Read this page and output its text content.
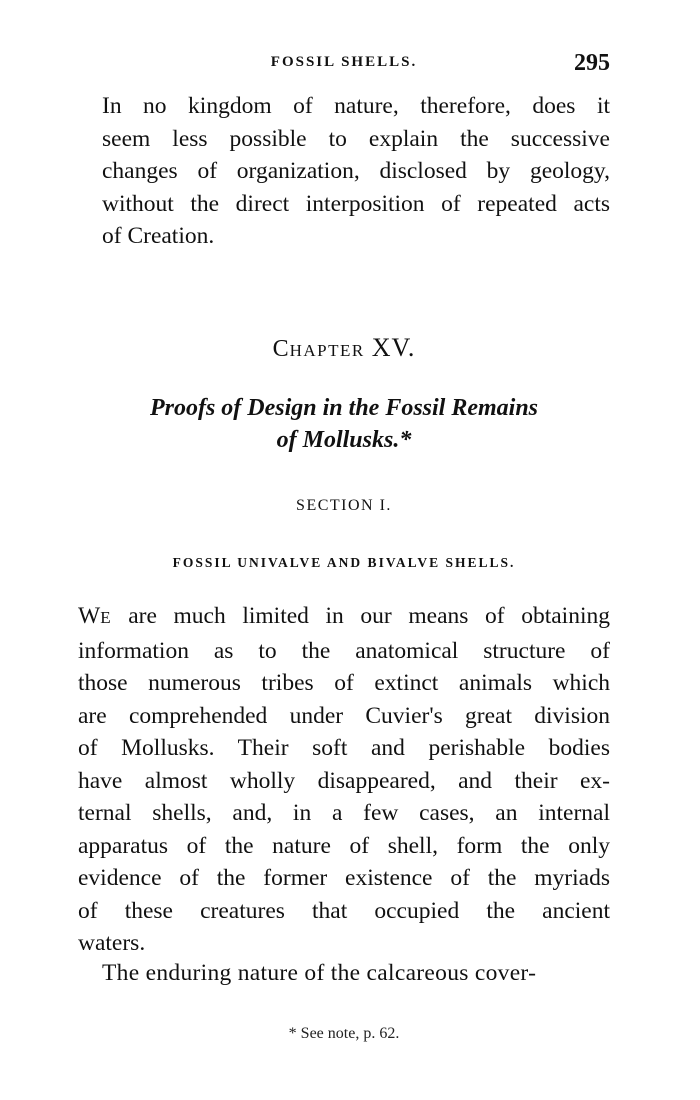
FOSSIL SHELLS.	295
In no kingdom of nature, therefore, does it
seem less possible to explain the successive
changes of organization, disclosed by geology,
without the direct interposition of repeated acts
of Creation.
CHAPTER XV.
Proofs of Design in the Fossil Remains
of Mollusks.*
SECTION I.
FOSSIL UNIVALVE AND BIVALVE SHELLS.
WE are much limited in our means of obtaining
information as to the anatomical structure of
those numerous tribes of extinct animals which
are comprehended under Cuvier's great division
of Mollusks. Their soft and perishable bodies
have almost wholly disappeared, and their ex-
ternal shells, and, in a few cases, an internal
apparatus of the nature of shell, form the only
evidence of the former existence of the myriads
of these creatures that occupied the ancient
waters.
The enduring nature of the calcareous cover-
* See note, p. 62.
